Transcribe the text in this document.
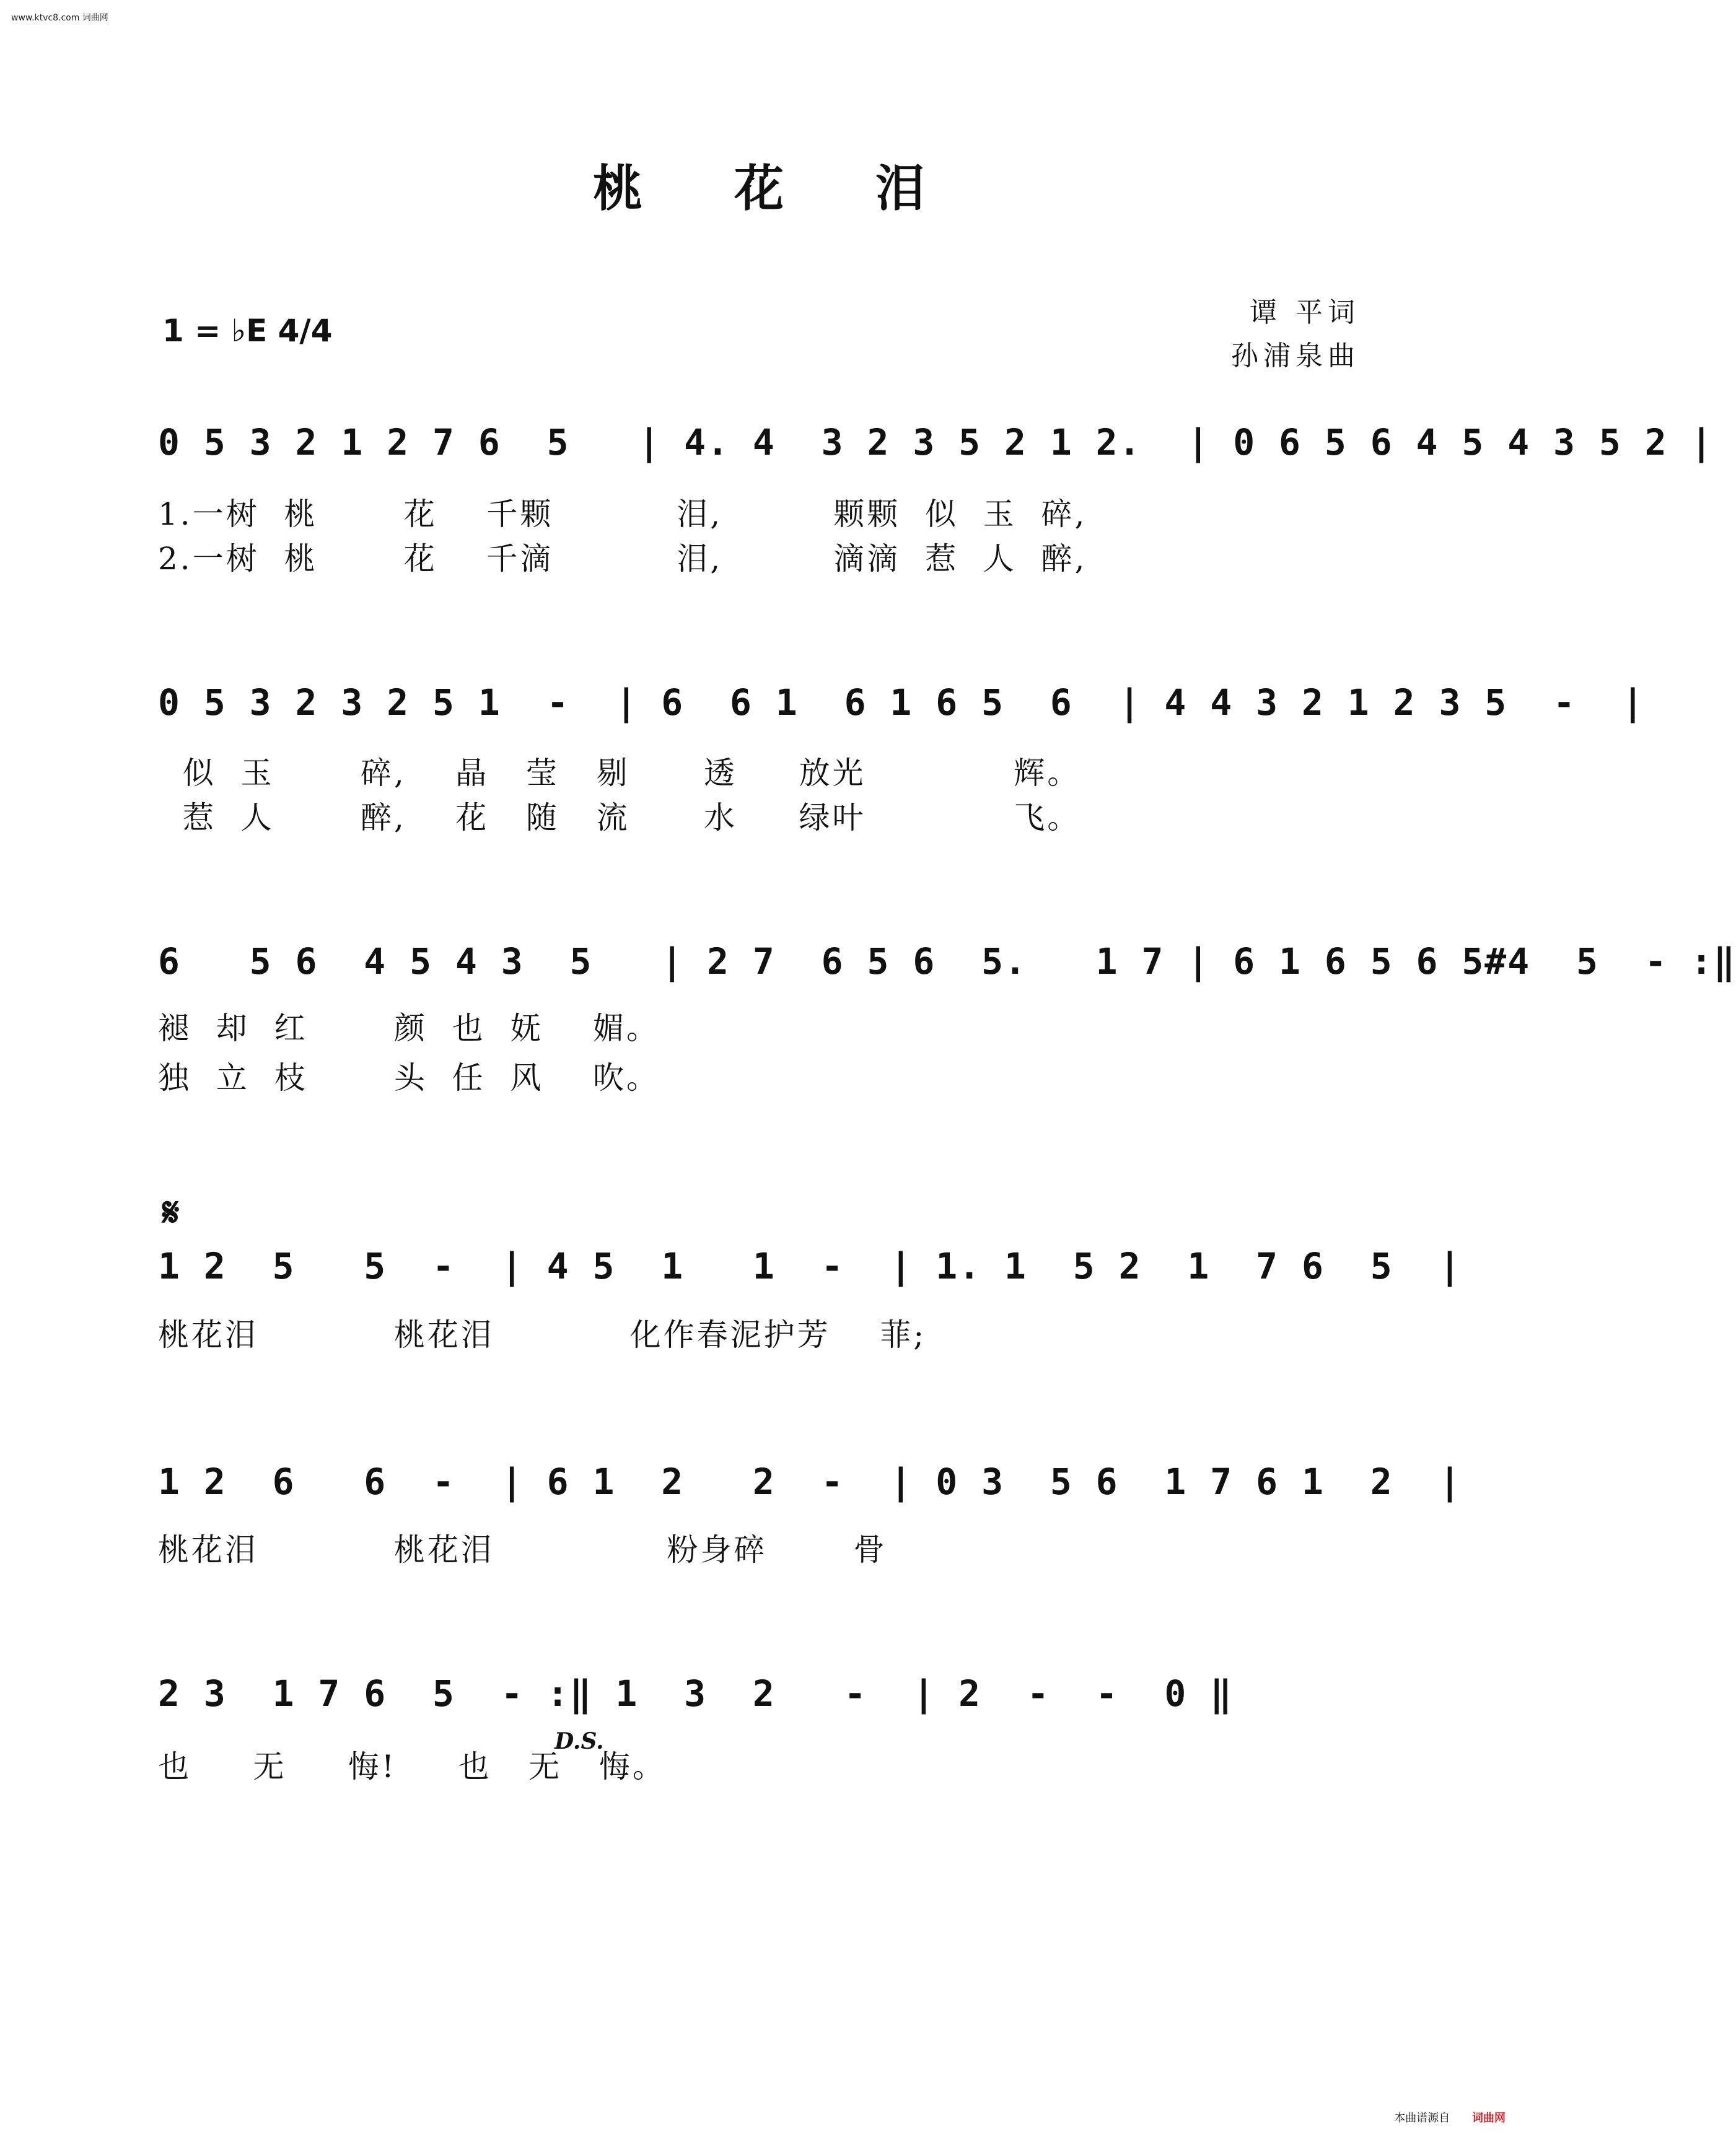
www.ktvc8.com 词曲网
桃 花 泪
1 = ♭E 4/4
谭 平词
孙浦泉曲
0 5 3 2 1 2 7 6  5   | 4. 4  3 2 3 5 2 1 2.  | 0 6 5 6 4 5 4 3 5 2 |
1.一树  桃       花    千颗          泪,         颗颗  似  玉  碎,
2.一树  桃       花    千滴          泪,         滴滴  惹  人  醉,
0 5 3 2 3 2 5 1  -  | 6  6 1  6 1 6 5  6  | 4 4 3 2 1 2 3 5  -  |
似  玉       碎,    晶   莹   剔      透     放光            辉。
惹  人       醉,    花   随   流      水     绿叶            飞。
6   5 6  4 5 4 3  5   | 2 7  6 5 6  5.   1 7 | 6 1 6 5 6 5#4  5  - :‖
褪  却  红       颜  也  妩    媚。
独  立  枝       头  任  风    吹。
𝄋
1 2  5   5  -  | 4 5  1   1  -  | 1. 1  5 2  1  7 6  5  |
桃花泪           桃花泪           化作春泥护芳    菲;
1 2  6   6  -  | 6 1  2   2  -  | 0 3  5 6  1 7 6 1  2  |
桃花泪           桃花泪              粉身碎       骨
2 3  1 7 6  5  - :‖ 1  3  2   -  | 2  -  -  0 ‖
D.S.
也     无     悔!     也   无   悔。
本曲谱源自 词曲网
